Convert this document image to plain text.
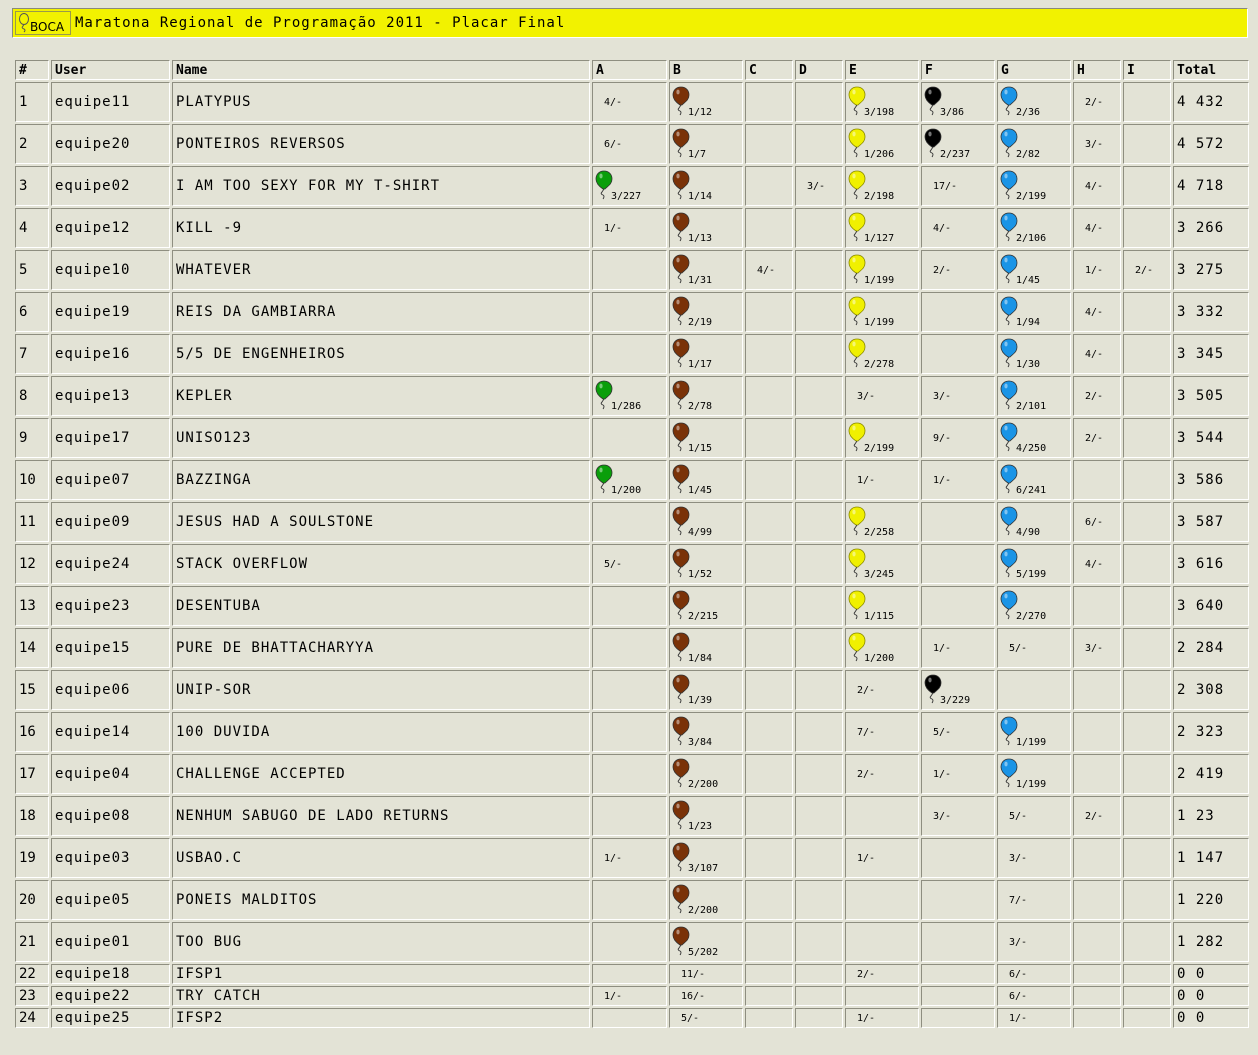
BOCA Maratona Regional de Programação 2011 - Placar Final
#	User	Name	A	B	C	D	E	F	G	H	I	Total
1	equipe11	PLATYPUS	4/-	1/12			3/198	3/86	2/36	2/-		4 432
2	equipe20	PONTEIROS REVERSOS	6/-	1/7			1/206	2/237	2/82	3/-		4 572
3	equipe02	I AM TOO SEXY FOR MY T-SHIRT	3/227	1/14		3/-	2/198	17/-	2/199	4/-		4 718
4	equipe12	KILL -9	1/-	1/13			1/127	4/-	2/106	4/-		3 266
5	equipe10	WHATEVER		1/31	4/-		1/199	2/-	1/45	1/-	2/-	3 275
6	equipe19	REIS DA GAMBIARRA		2/19			1/199		1/94	4/-		3 332
7	equipe16	5/5 DE ENGENHEIROS		1/17			2/278		1/30	4/-		3 345
8	equipe13	KEPLER	1/286	2/78			3/-	3/-	2/101	2/-		3 505
9	equipe17	UNISO123		1/15			2/199	9/-	4/250	2/-		3 544
10	equipe07	BAZZINGA	1/200	1/45			1/-	1/-	6/241			3 586
11	equipe09	JESUS HAD A SOULSTONE		4/99			2/258		4/90	6/-		3 587
12	equipe24	STACK OVERFLOW	5/-	1/52			3/245		5/199	4/-		3 616
13	equipe23	DESENTUBA		2/215			1/115		2/270			3 640
14	equipe15	PURE DE BHATTACHARYYA		1/84			1/200	1/-	5/-	3/-		2 284
15	equipe06	UNIP-SOR		1/39			2/-	3/229				2 308
16	equipe14	100 DUVIDA		3/84			7/-	5/-	1/199			2 323
17	equipe04	CHALLENGE ACCEPTED		2/200			2/-	1/-	1/199			2 419
18	equipe08	NENHUM SABUGO DE LADO RETURNS		1/23				3/-	5/-	2/-		1 23
19	equipe03	USBAO.C	1/-	3/107			1/-		3/-			1 147
20	equipe05	PONEIS MALDITOS		2/200					7/-			1 220
21	equipe01	TOO BUG		5/202					3/-			1 282
22	equipe18	IFSP1		11/-			2/-		6/-			0 0
23	equipe22	TRY CATCH	1/-	16/-					6/-			0 0
24	equipe25	IFSP2		5/-			1/-		1/-			0 0
